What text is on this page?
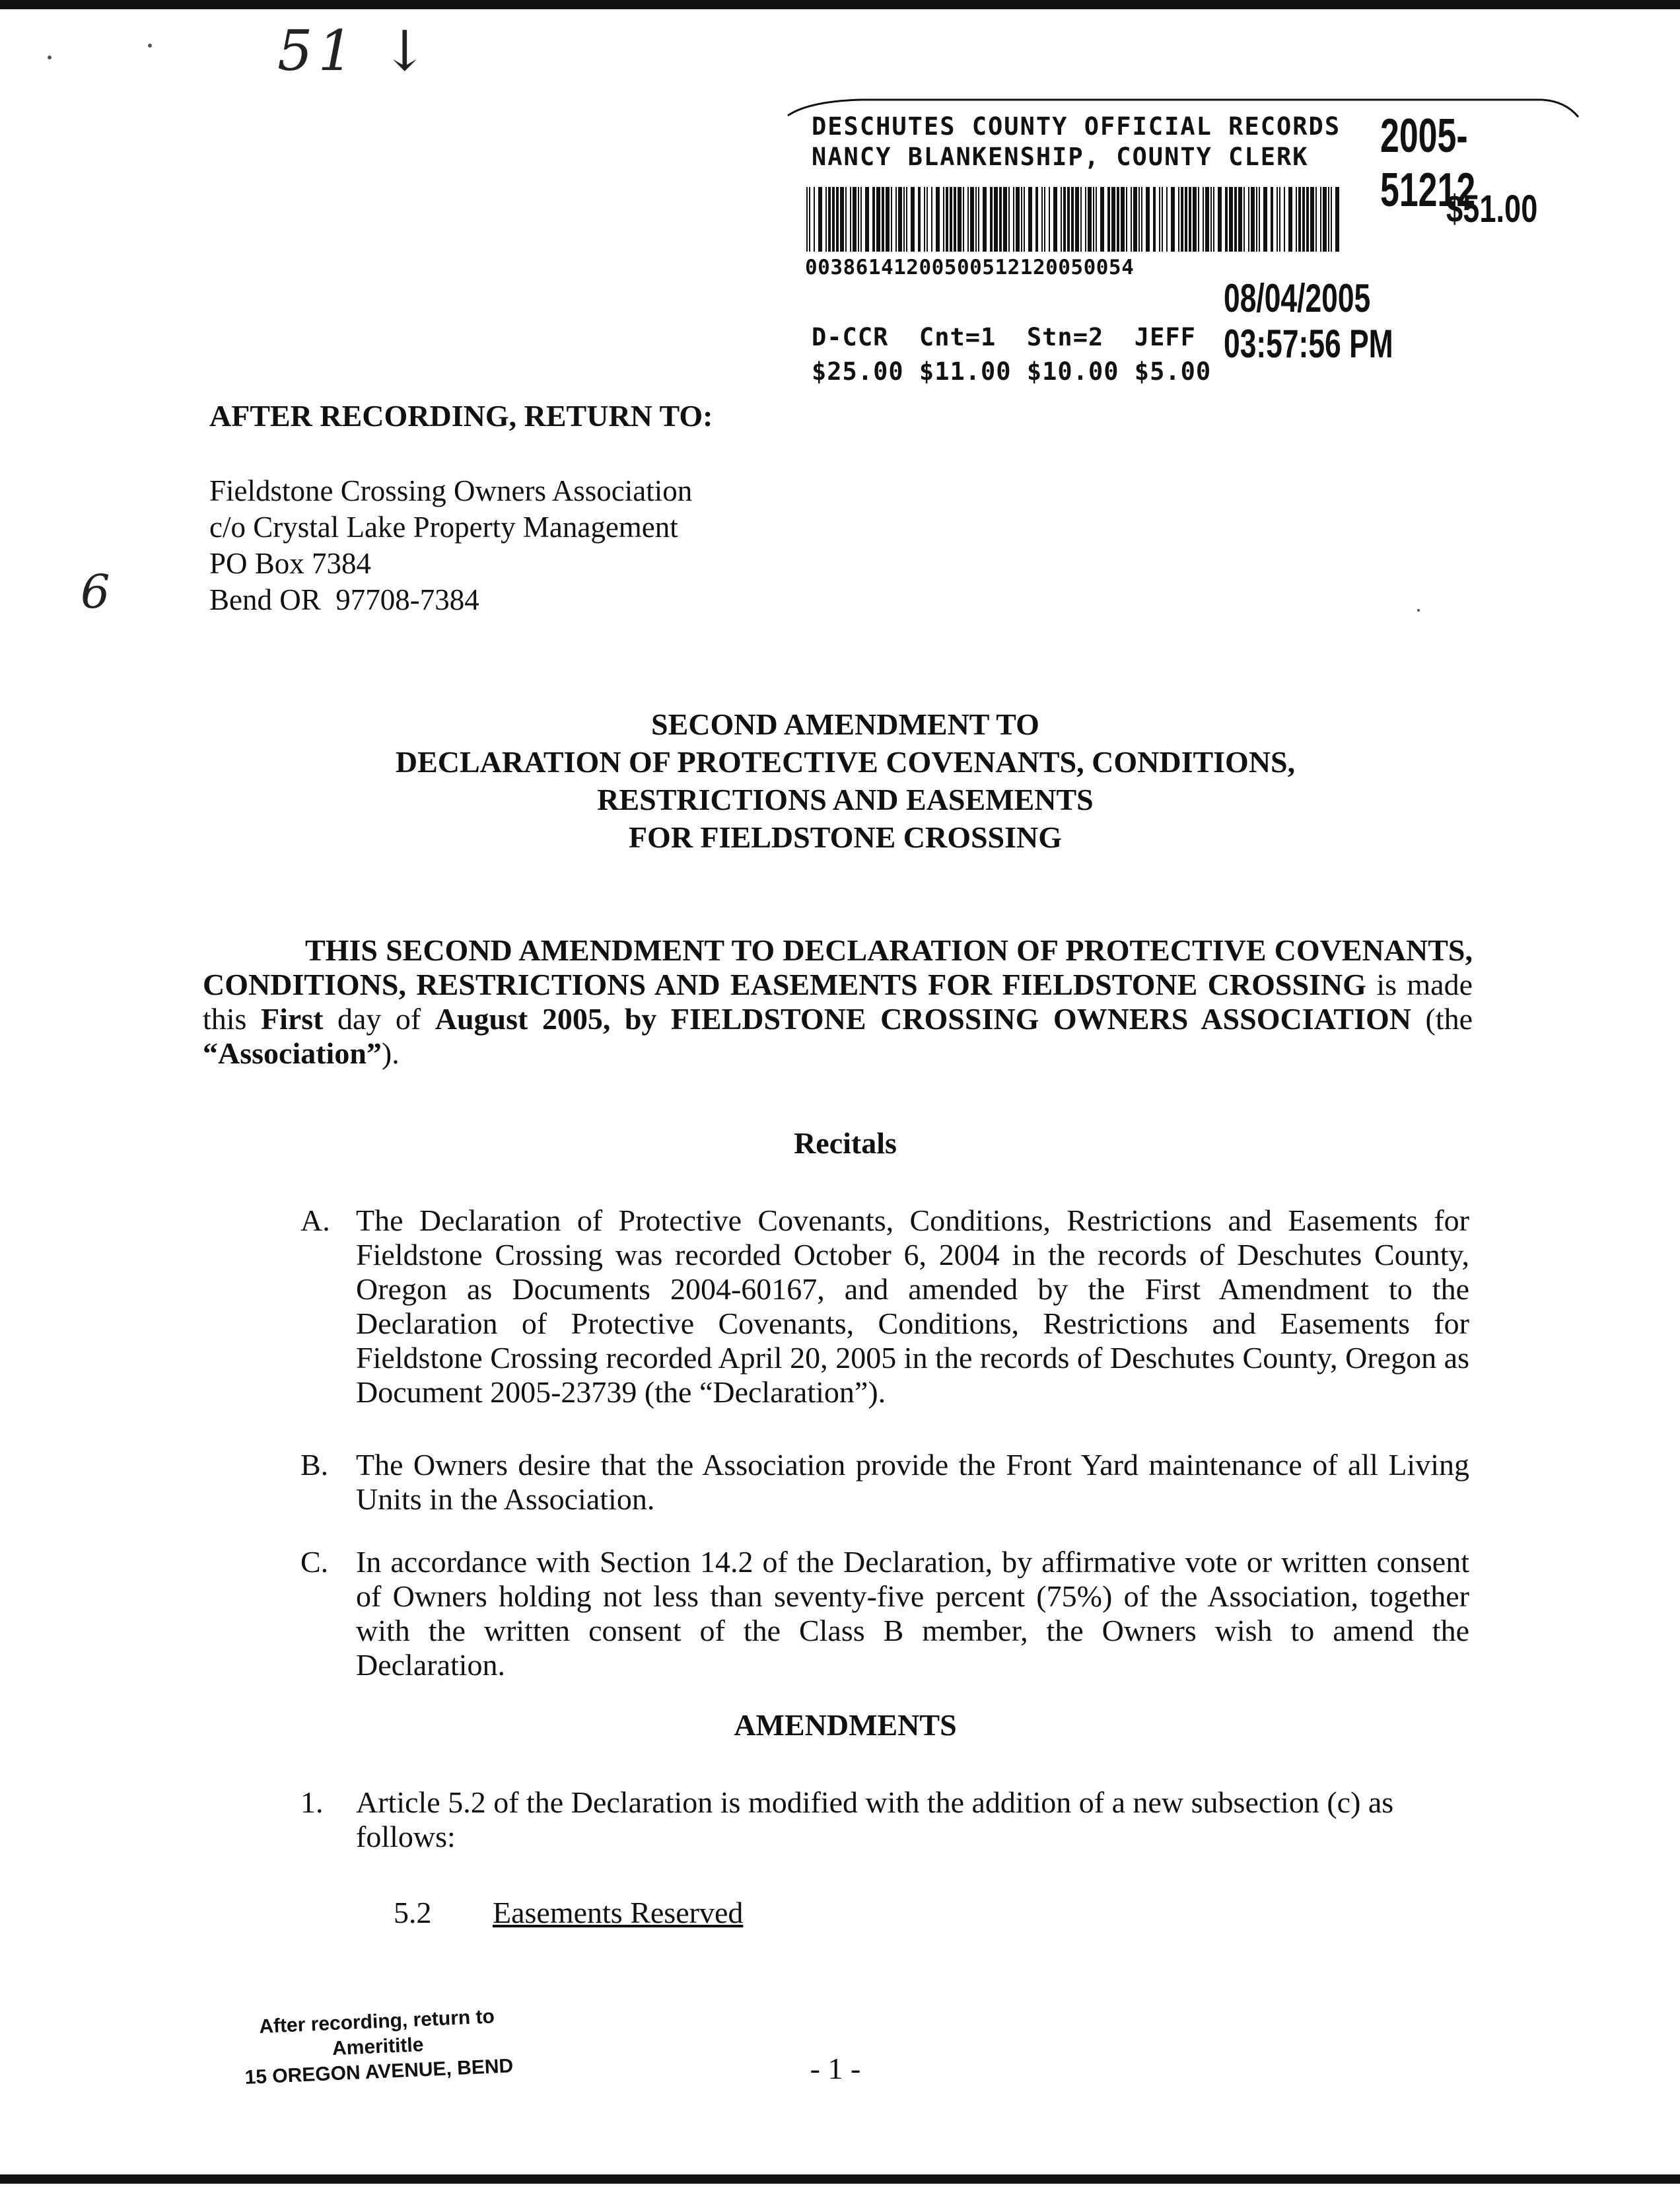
51 ↓
6
DESCHUTES COUNTY OFFICIAL RECORDS
NANCY BLANKENSHIP, COUNTY CLERK	2005-51212
$51.00
00386141200500512120050054
08/04/2005 03:57:56 PM
D-CCR  Cnt=1  Stn=2  JEFF
$25.00 $11.00 $10.00 $5.00
AFTER RECORDING, RETURN TO:
Fieldstone Crossing Owners Association
c/o Crystal Lake Property Management
PO Box 7384
Bend OR  97708-7384
SECOND AMENDMENT TO
DECLARATION OF PROTECTIVE COVENANTS, CONDITIONS,
RESTRICTIONS AND EASEMENTS
FOR FIELDSTONE CROSSING
THIS SECOND AMENDMENT TO DECLARATION OF PROTECTIVE COVENANTS, CONDITIONS, RESTRICTIONS AND EASEMENTS FOR FIELDSTONE CROSSING is made this First day of August 2005, by FIELDSTONE CROSSING OWNERS ASSOCIATION (the “Association”).
Recitals
A. The Declaration of Protective Covenants, Conditions, Restrictions and Easements for Fieldstone Crossing was recorded October 6, 2004 in the records of Deschutes County, Oregon as Documents 2004-60167, and amended by the First Amendment to the Declaration of Protective Covenants, Conditions, Restrictions and Easements for Fieldstone Crossing recorded April 20, 2005 in the records of Deschutes County, Oregon as Document 2005-23739 (the “Declaration”).
B. The Owners desire that the Association provide the Front Yard maintenance of all Living Units in the Association.
C. In accordance with Section 14.2 of the Declaration, by affirmative vote or written consent of Owners holding not less than seventy-five percent (75%) of the Association, together with the written consent of the Class B member, the Owners wish to amend the Declaration.
AMENDMENTS
1. Article 5.2 of the Declaration is modified with the addition of a new subsection (c) as follows:
5.2 Easements Reserved
After recording, return to
Amerititle
15 OREGON AVENUE, BEND	- 1 -
